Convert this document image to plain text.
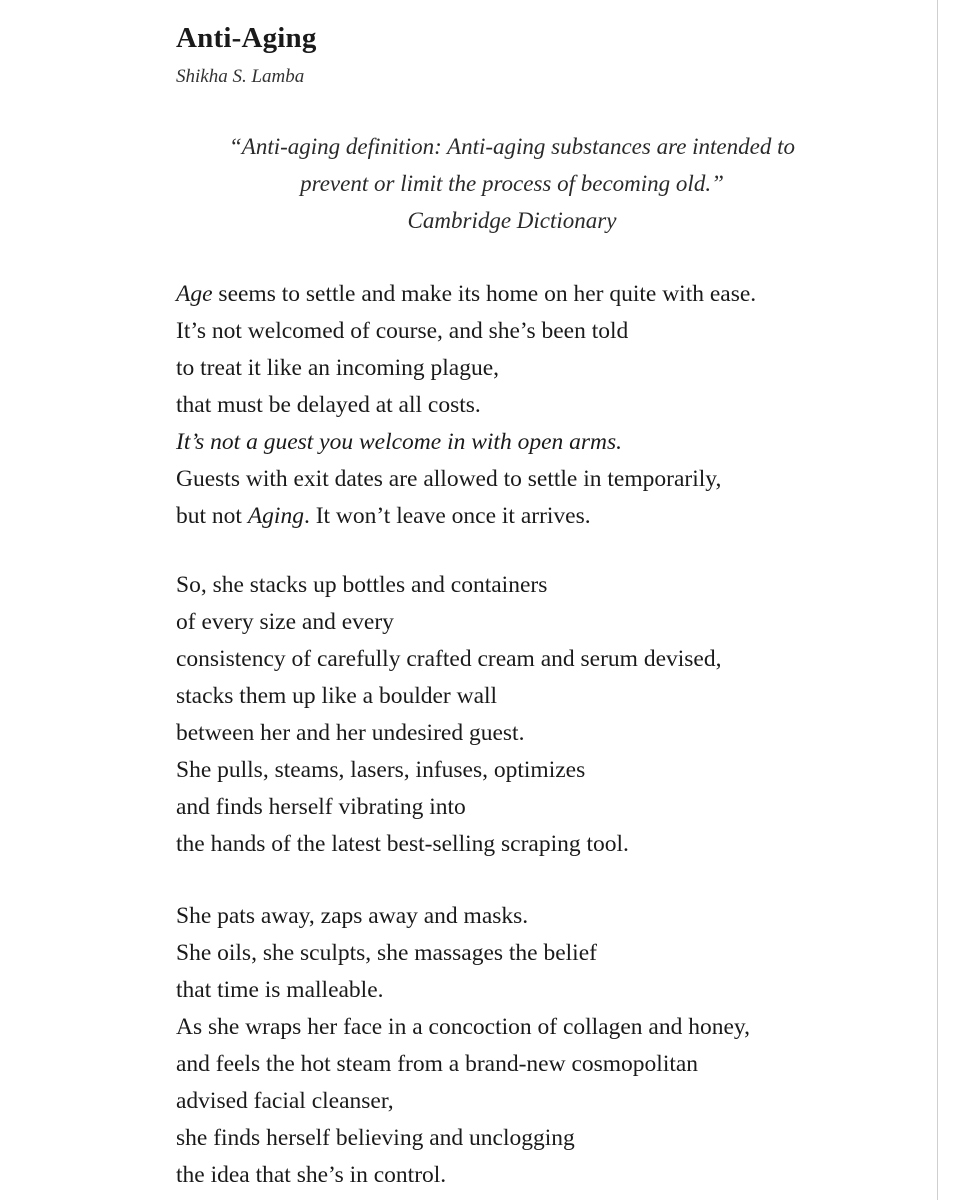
Anti-Aging
Shikha S. Lamba
“Anti-aging definition: Anti-aging substances are intended to
prevent or limit the process of becoming old.”
Cambridge Dictionary
Age seems to settle and make its home on her quite with ease.
It’s not welcomed of course, and she’s been told
to treat it like an incoming plague,
that must be delayed at all costs.
It’s not a guest you welcome in with open arms.
Guests with exit dates are allowed to settle in temporarily,
but not Aging. It won’t leave once it arrives.
So, she stacks up bottles and containers
of every size and every
consistency of carefully crafted cream and serum devised,
stacks them up like a boulder wall
between her and her undesired guest.
She pulls, steams, lasers, infuses, optimizes
and finds herself vibrating into
the hands of the latest best-selling scraping tool.
She pats away, zaps away and masks.
She oils, she sculpts, she massages the belief
that time is malleable.
As she wraps her face in a concoction of collagen and honey,
and feels the hot steam from a brand-new cosmopolitan
advised facial cleanser,
she finds herself believing and unclogging
the idea that she’s in control.
